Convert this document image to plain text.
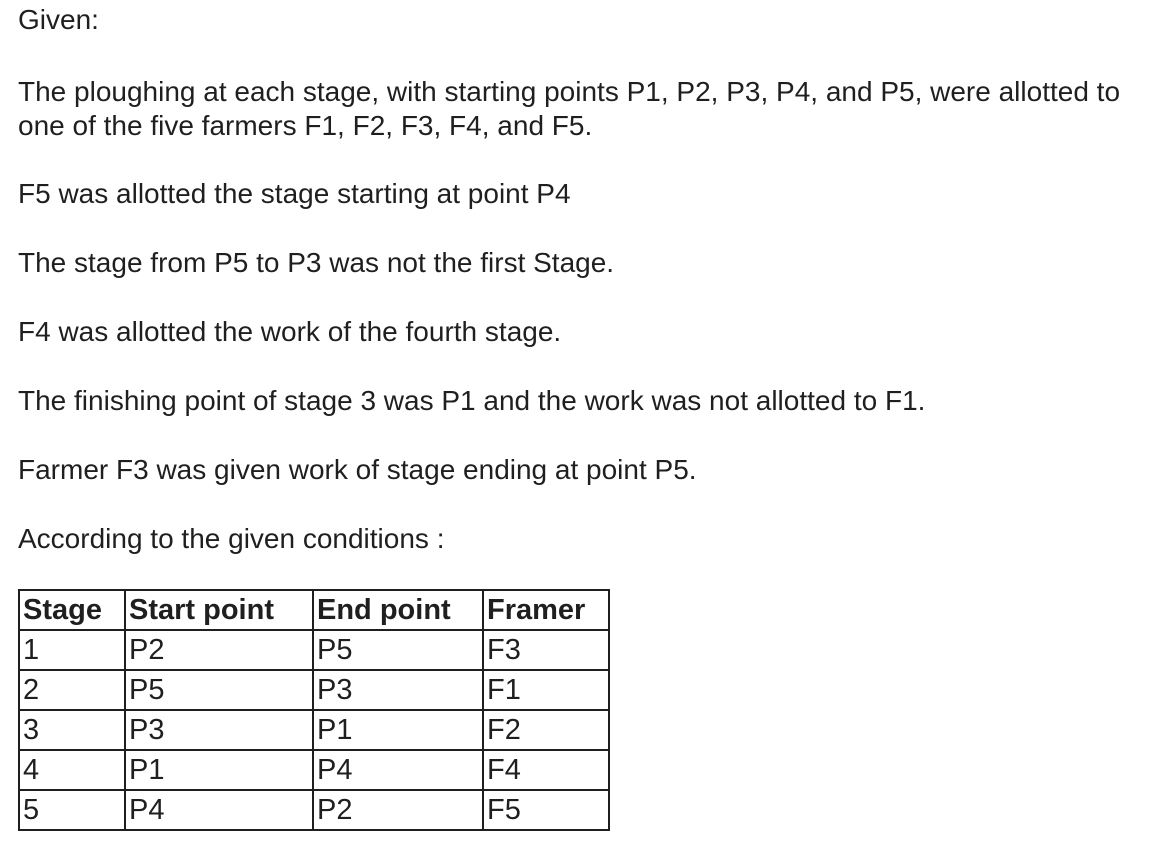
Given:

The ploughing at each stage, with starting points P1, P2, P3, P4, and P5, were allotted to one of the five farmers F1, F2, F3, F4, and F5.

F5 was allotted the stage starting at point P4

The stage from P5 to P3 was not the first Stage.

F4 was allotted the work of the fourth stage.

The finishing point of stage 3 was P1 and the work was not allotted to F1.

Farmer F3 was given work of stage ending at point P5.

According to the given conditions :

Stage	Start point	End point	Framer
1	P2	P5	F3
2	P5	P3	F1
3	P3	P1	F2
4	P1	P4	F4
5	P4	P2	F5
